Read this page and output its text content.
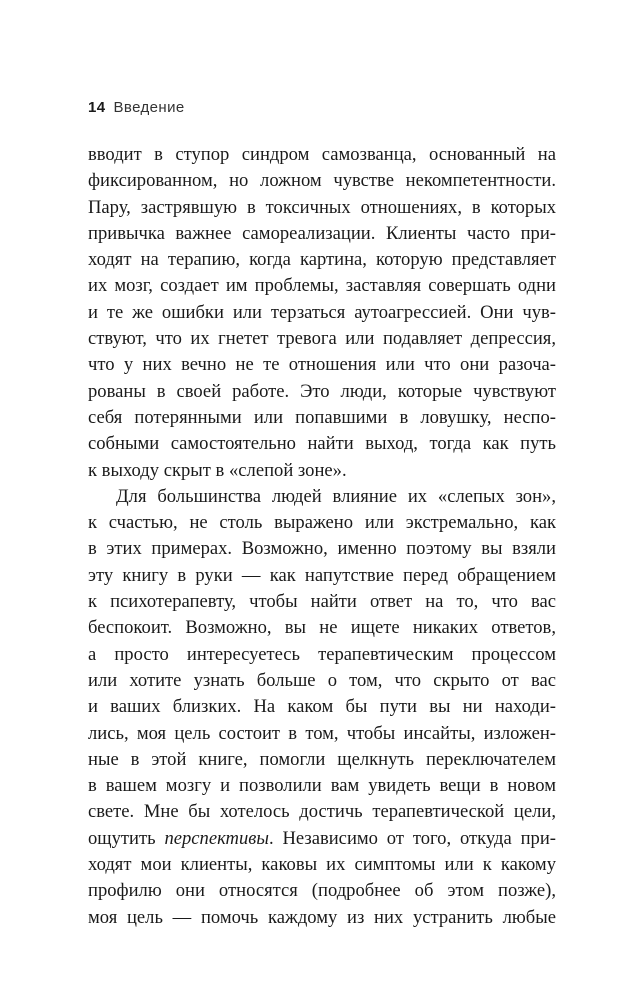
14 Введение
вводит в ступор синдром самозванца, основанный на
фиксированном, но ложном чувстве некомпетентности.
Пару, застрявшую в токсичных отношениях, в которых
привычка важнее самореализации. Клиенты часто при-
ходят на терапию, когда картина, которую представляет
их мозг, создает им проблемы, заставляя совершать одни
и те же ошибки или терзаться аутоагрессией. Они чув-
ствуют, что их гнетет тревога или подавляет депрессия,
что у них вечно не те отношения или что они разоча-
рованы в своей работе. Это люди, которые чувствуют
себя потерянными или попавшими в ловушку, неспо-
собными самостоятельно найти выход, тогда как путь
к выходу скрыт в «слепой зоне».
Для большинства людей влияние их «слепых зон»,
к счастью, не столь выражено или экстремально, как
в этих примерах. Возможно, именно поэтому вы взяли
эту книгу в руки — как напутствие перед обращением
к психотерапевту, чтобы найти ответ на то, что вас
беспокоит. Возможно, вы не ищете никаких ответов,
а просто интересуетесь терапевтическим процессом
или хотите узнать больше о том, что скрыто от вас
и ваших близких. На каком бы пути вы ни находи-
лись, моя цель состоит в том, чтобы инсайты, изложен-
ные в этой книге, помогли щелкнуть переключателем
в вашем мозгу и позволили вам увидеть вещи в новом
свете. Мне бы хотелось достичь терапевтической цели,
ощутить перспективы. Независимо от того, откуда при-
ходят мои клиенты, каковы их симптомы или к какому
профилю они относятся (подробнее об этом позже),
моя цель — помочь каждому из них устранить любые
